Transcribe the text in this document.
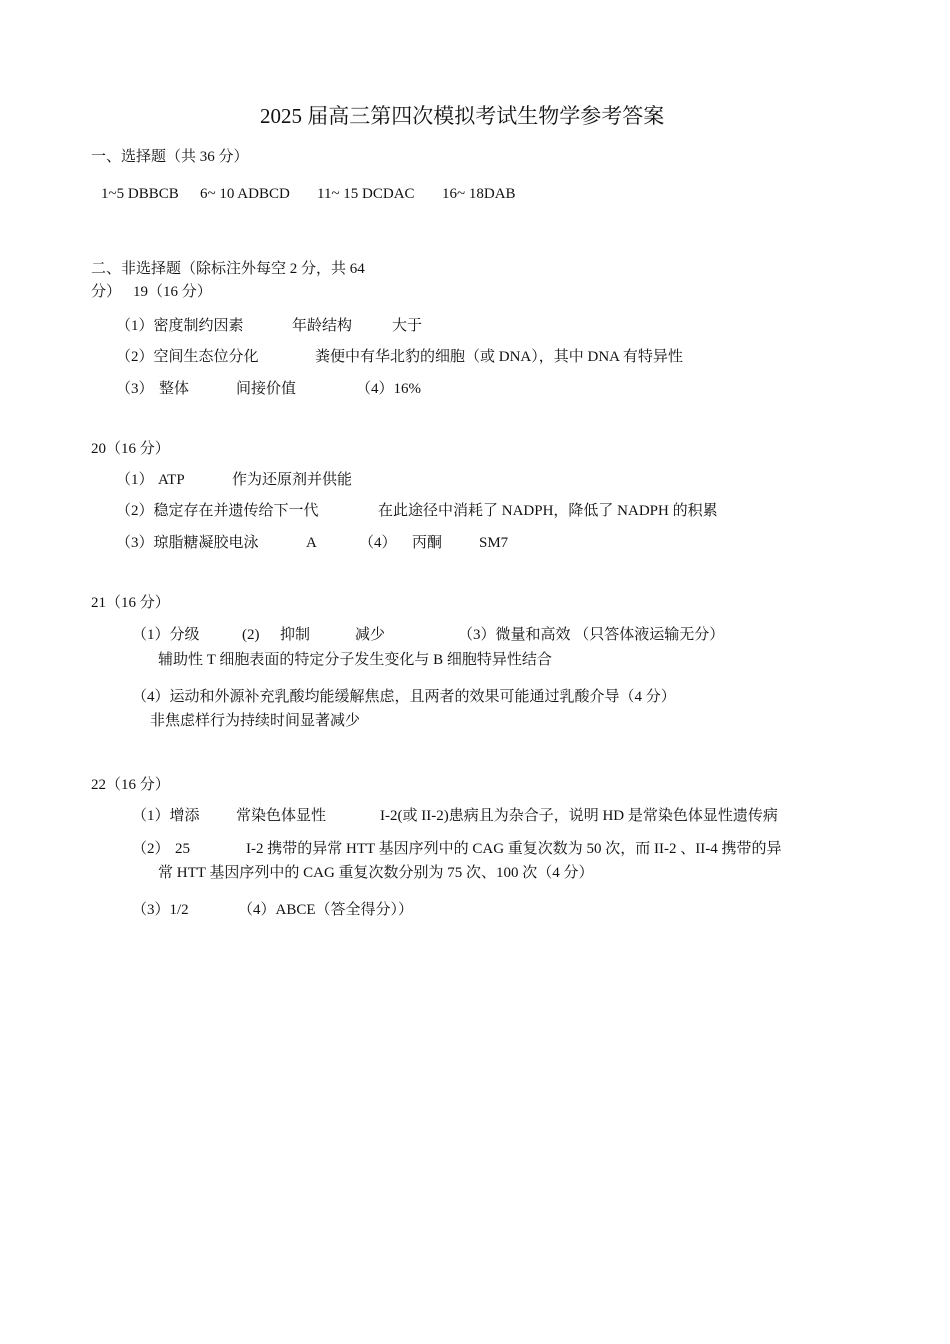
2025 届高三第四次模拟考试生物学参考答案
一、选择题（共 36 分）
1~5 DBBCB 6~ 10 ADBCD 11~ 15 DCDAC 16~ 18DAB
二、非选择题（除标注外每空 2 分，共 64
分） 19（16 分）
（1）密度制约因素	年龄结构	大于
（2）空间生态位分化	粪便中有华北豹的细胞（或 DNA），其中 DNA 有特异性
（3） 整体	间接价值	（4）16%
20（16 分）
（1） ATP	作为还原剂并供能
（2）稳定存在并遗传给下一代	在此途径中消耗了 NADPH，降低了 NADPH 的积累
（3）琼脂糖凝胶电泳	A	（4） 丙酮 SM7
21（16 分）
（1）分级	(2) 抑制	减少	（3）微量和高效 （只答体液运输无分）
辅助性 T 细胞表面的特定分子发生变化与 B 细胞特异性结合
（4）运动和外源补充乳酸均能缓解焦虑，且两者的效果可能通过乳酸介导（4 分）
非焦虑样行为持续时间显著减少
22（16 分）
（1）增添 常染色体显性	I-2(或 II-2)患病且为杂合子，说明 HD 是常染色体显性遗传病
（2） 25	I-2 携带的异常 HTT 基因序列中的 CAG 重复次数为 50 次，而 II-2 、II-4 携带的异
常 HTT 基因序列中的 CAG 重复次数分别为 75 次、100 次（4 分）
（3）1/2	（4）ABCE（答全得分））
